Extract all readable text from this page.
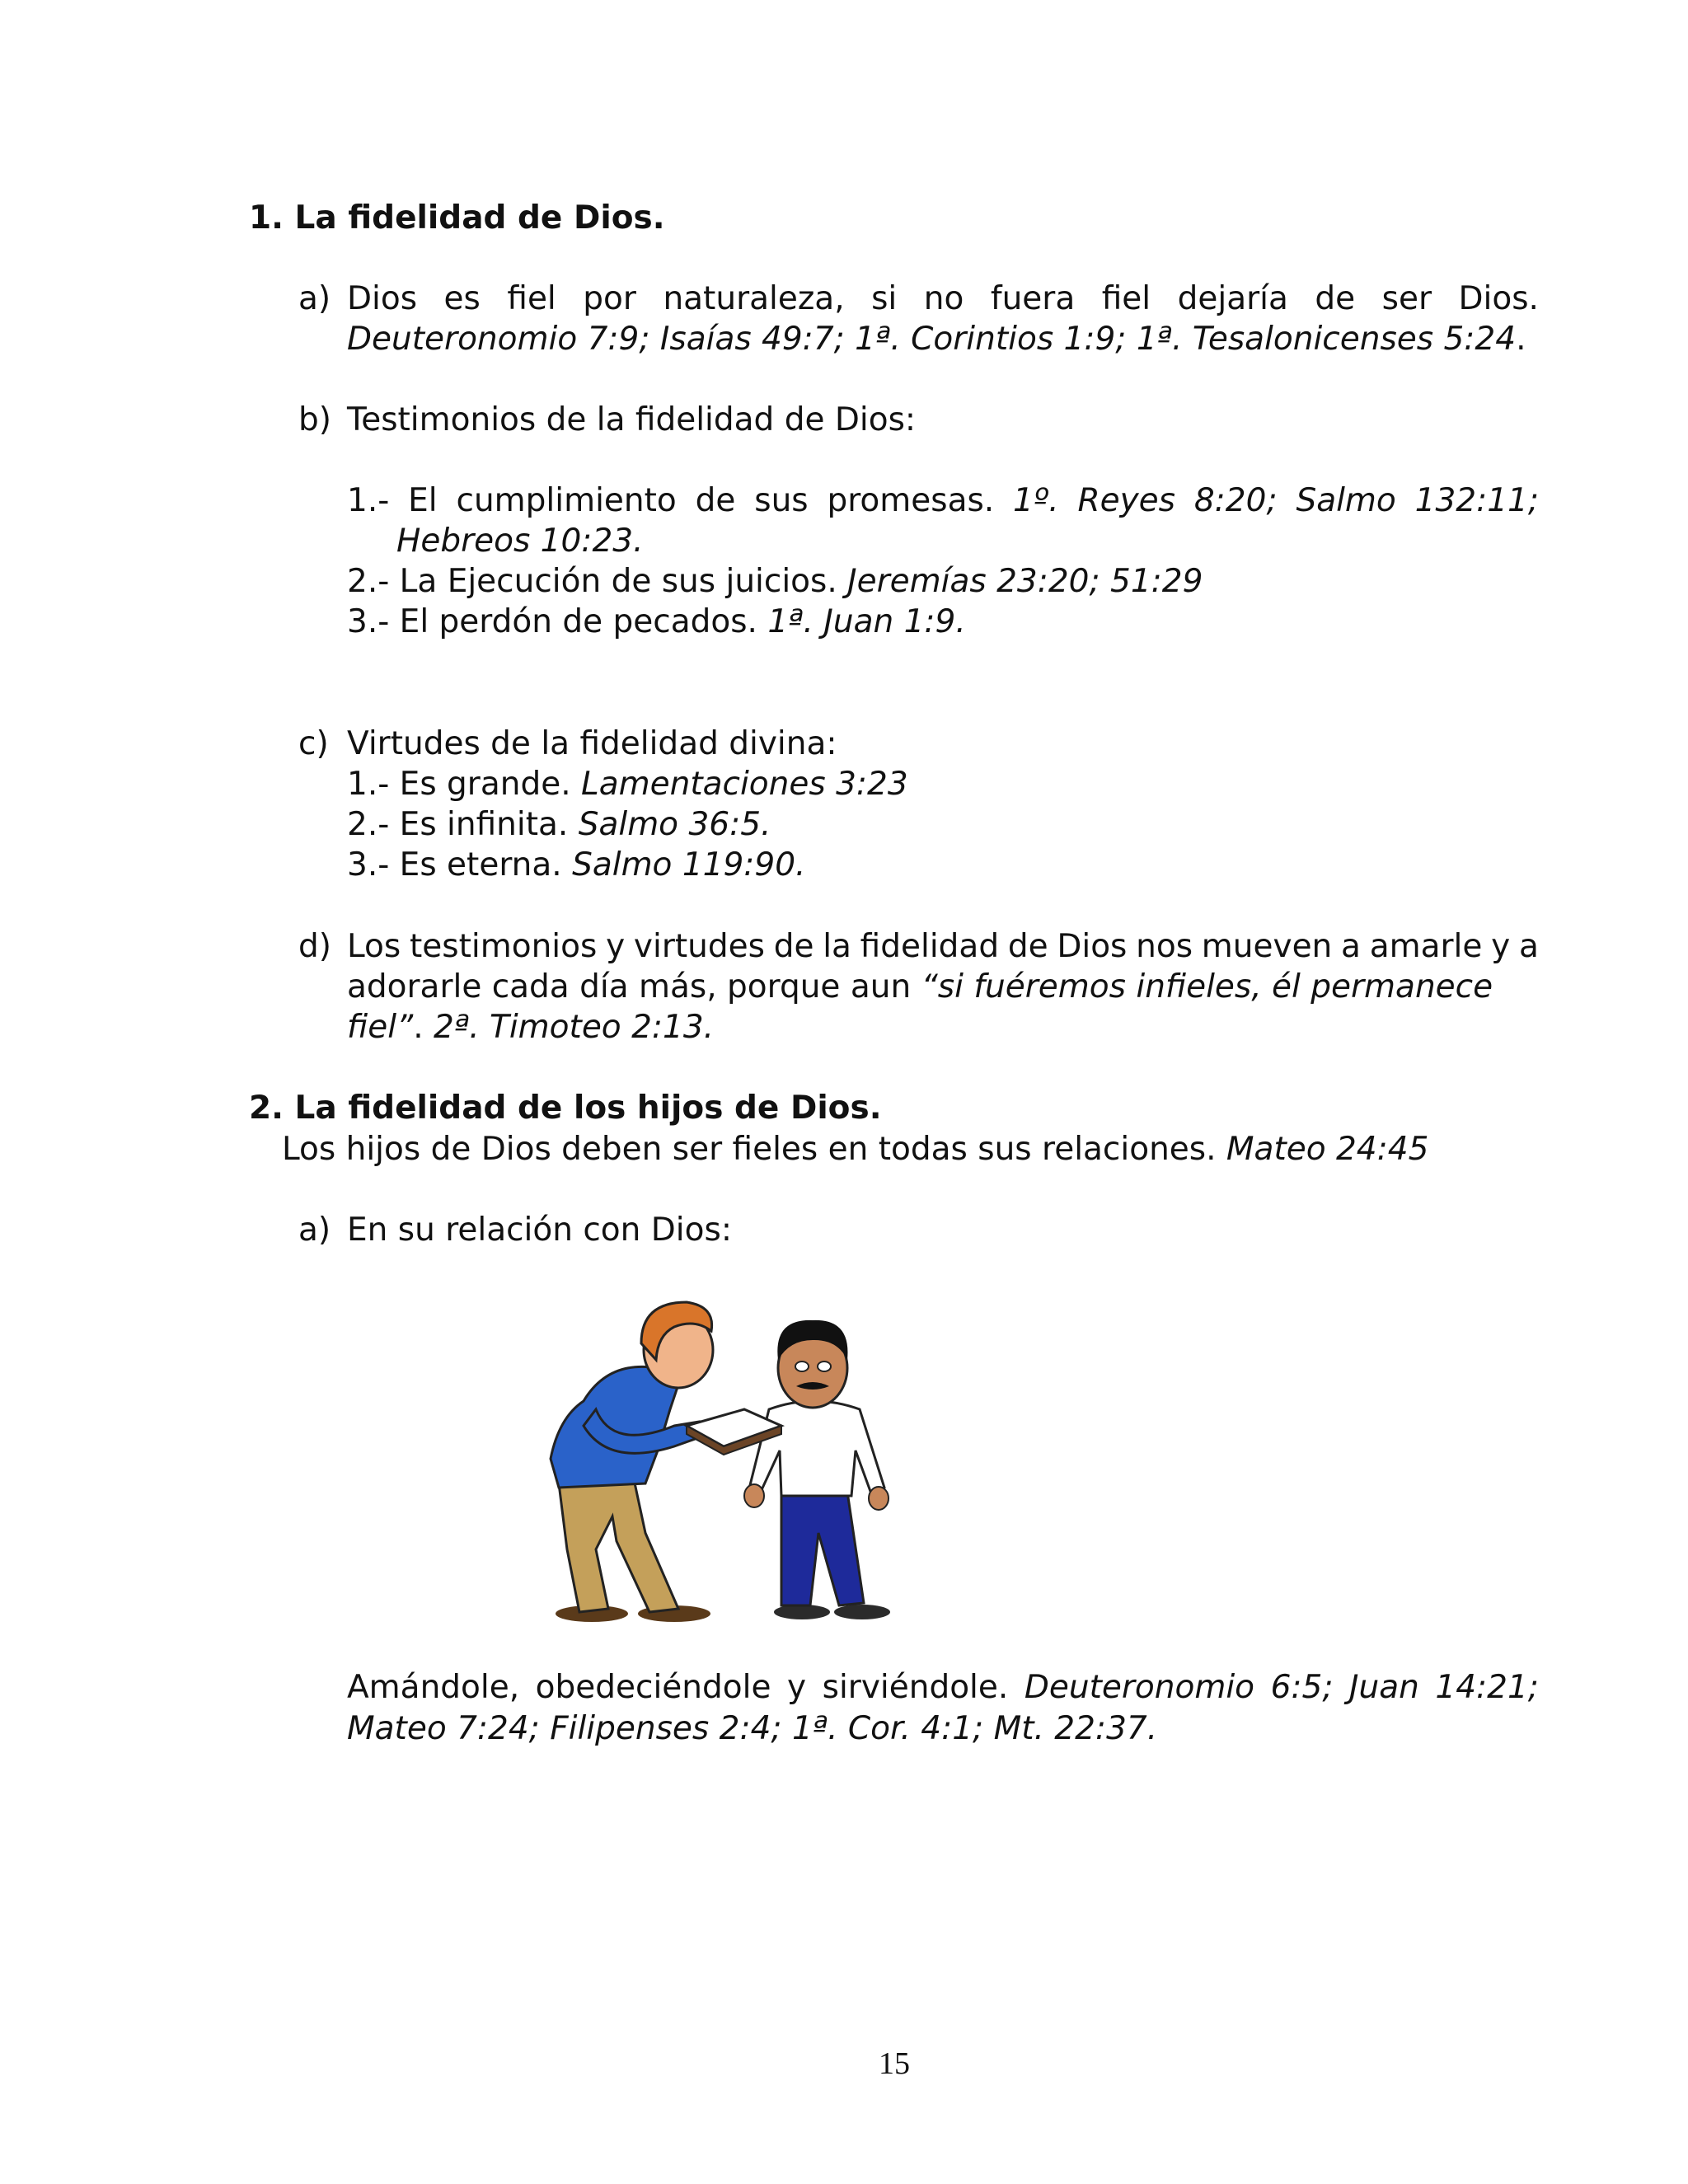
1. La fidelidad de Dios.
a) Dios es fiel por naturaleza, si no fuera fiel dejaría de ser Dios.
Deuteronomio 7:9; Isaías 49:7; 1ª. Corintios 1:9; 1ª. Tesalonicenses 5:24.
b) Testimonios de la fidelidad de Dios:
1.- El cumplimiento de sus promesas. 1º. Reyes 8:20; Salmo 132:11;
Hebreos 10:23.
2.- La Ejecución de sus juicios. Jeremías 23:20; 51:29
3.- El perdón de pecados. 1ª. Juan 1:9.
c) Virtudes de la fidelidad divina:
1.- Es grande. Lamentaciones 3:23
2.- Es infinita. Salmo 36:5.
3.- Es eterna. Salmo 119:90.
d) Los testimonios y virtudes de la fidelidad de Dios nos mueven a amarle y a
adorarle cada día más, porque aun “si fuéremos infieles, él permanece
fiel”. 2ª. Timoteo 2:13.
2. La fidelidad de los hijos de Dios.
Los hijos de Dios deben ser fieles en todas sus relaciones. Mateo 24:45
a) En su relación con Dios:
Amándole, obedeciéndole y sirviéndole. Deuteronomio 6:5; Juan 14:21;
Mateo 7:24; Filipenses 2:4; 1ª. Cor. 4:1; Mt. 22:37.
15
